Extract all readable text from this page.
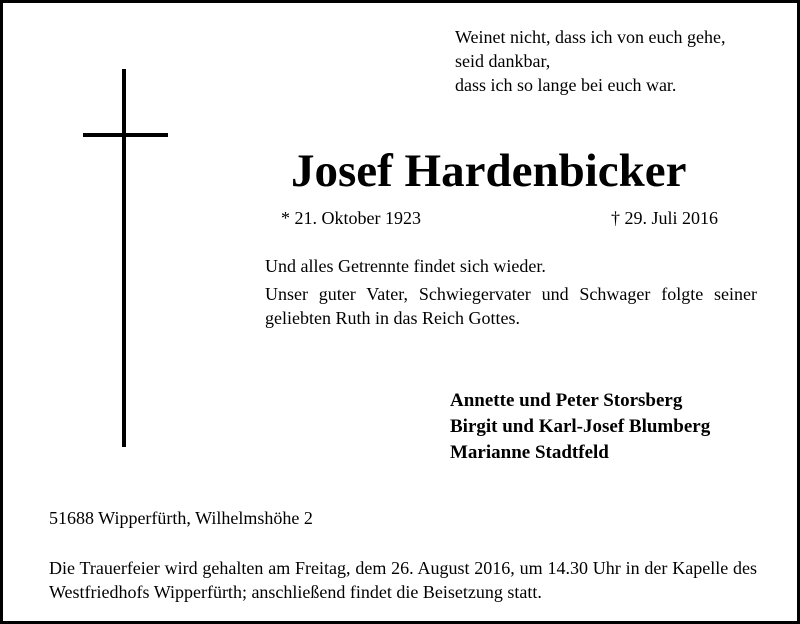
Weinet nicht, dass ich von euch gehe,
seid dankbar,
dass ich so lange bei euch war.
Josef Hardenbicker
* 21. Oktober 1923	† 29. Juli 2016
Und alles Getrennte findet sich wieder.
Unser guter Vater, Schwiegervater und Schwager folgte seiner geliebten Ruth in das Reich Gottes.
Annette und Peter Storsberg
Birgit und Karl-Josef Blumberg
Marianne Stadtfeld
51688 Wipperfürth, Wilhelmshöhe 2
Die Trauerfeier wird gehalten am Freitag, dem 26. August 2016, um 14.30 Uhr in der Kapelle des Westfriedhofs Wipperfürth; anschließend findet die Beisetzung statt.
